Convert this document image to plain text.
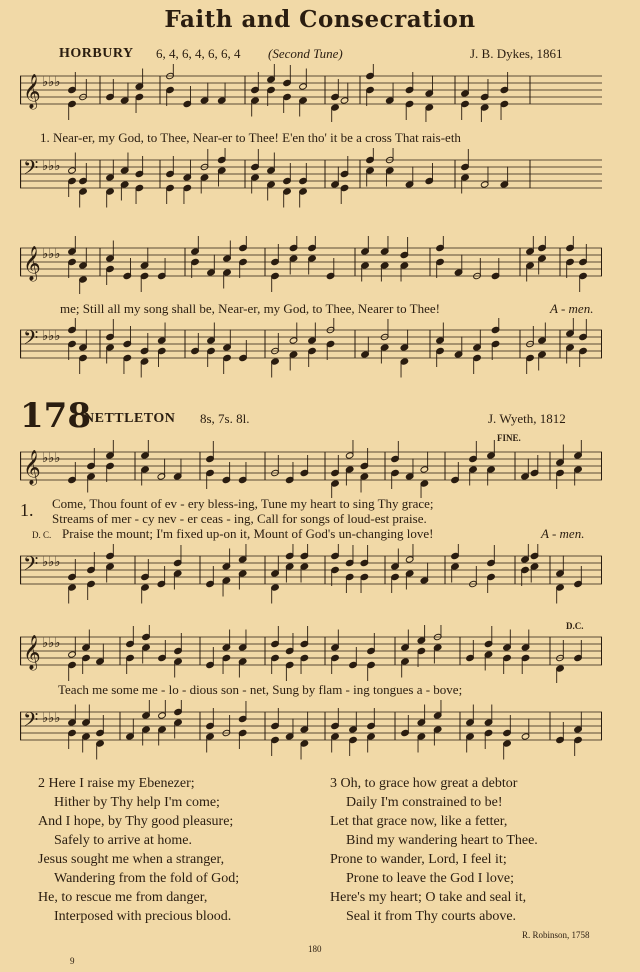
Faith and Consecration
HORBURY 6, 4, 6, 4, 6, 6, 4 (Second Tune)	J. B. Dykes, 1861
𝄞 ♭♭♭
1. Near-er, my God, to Thee, Near-er to Thee! E'en tho' it be a cross That rais-eth
𝄢 ♭♭♭
𝄞 ♭♭♭
me; Still all my song shall be, Near-er, my God, to Thee, Nearer to Thee!	A - men.
𝄢 ♭♭♭
178
NETTLETON 8s, 7s. 8l.	J. Wyeth, 1812
FINE.
𝄞 ♭♭♭
1. Come, Thou fount of ev - ery bless-ing, Tune my heart to sing Thy grace;
Streams of mer - cy nev - er ceas - ing, Call for songs of loud-est praise.
D. C. Praise the mount; I'm fixed up-on it, Mount of God's un-changing love!	A - men.
𝄢 ♭♭♭
D.C.
𝄞 ♭♭♭
Teach me some me - lo - dious son - net, Sung by flam - ing tongues a - bove;
𝄢 ♭♭♭
2 Here I raise my Ebenezer;
Hither by Thy help I'm come;
And I hope, by Thy good pleasure;
Safely to arrive at home.
Jesus sought me when a stranger,
Wandering from the fold of God;
He, to rescue me from danger,
Interposed with precious blood.
3 Oh, to grace how great a debtor
Daily I'm constrained to be!
Let that grace now, like a fetter,
Bind my wandering heart to Thee.
Prone to wander, Lord, I feel it;
Prone to leave the God I love;
Here's my heart; O take and seal it,
Seal it from Thy courts above.
R. Robinson, 1758
180
9
